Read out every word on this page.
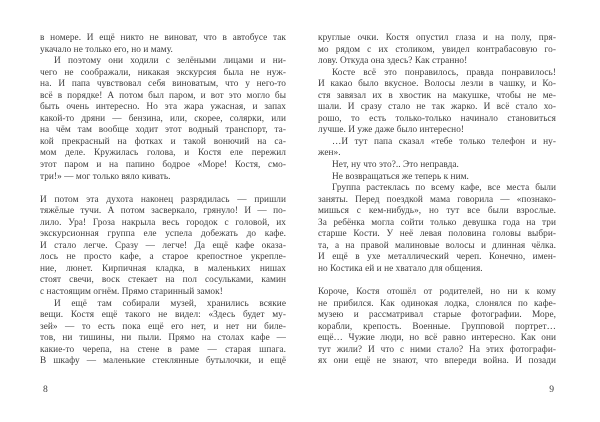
в номере. И ещё никто не виноват, что в автобусе так
укачало не только его, но и маму.
И поэтому они ходили с зелёными лицами и ни-
чего не соображали, никакая экскурсия была не нуж-
на. И папа чувствовал себя виноватым, что у него-то
всё в порядке! А потом был паром, и вот это могло бы
быть очень интересно. Но эта жара ужасная, и запах
какой-то дряни — бензина, или, скорее, солярки, или
на чём там вообще ходит этот водный транспорт, та-
кой прекрасный на фотках и такой вонючий на са-
мом деле. Кружилась голова, и Костя еле пережил
этот паром и на папино бодрое «Море! Костя, смо-
три!» — мог только вяло кивать.
И потом эта духота наконец разрядилась — пришли
тяжёлые тучи. А потом засверкало, грянуло! И — по-
лило. Ура! Гроза накрыла весь городок с головой, их
экскурсионная группа еле успела добежать до кафе.
И стало легче. Сразу — легче! Да ещё кафе оказа-
лось не просто кафе, а старое крепостное укрепле-
ние, люнет. Кирпичная кладка, в маленьких нишах
стоят свечи, воск стекает на пол сосульками, камин
с настоящим огнём. Прямо старинный замок!
И ещё там собирали музей, хранились всякие
вещи. Костя ещё такого не видел: «Здесь будет му-
зей» — то есть пока ещё его нет, и нет ни биле-
тов, ни тишины, ни пыли. Прямо на столах кафе —
какие-то черепа, на стене в раме — старая шпага.
В шкафу — маленькие стеклянные бутылочки, и ещё
8
круглые очки. Костя опустил глаза и на полу, пря-
мо рядом с их столиком, увидел контрабасовую го-
лову. Откуда она здесь? Как странно!
Косте всё это понравилось, правда понравилось!
И какао было вкусное. Волосы лезли в чашку, и Ко-
стя завязал их в хвостик на макушке, чтобы не ме-
шали. И сразу стало не так жарко. И всё стало хо-
рошо, то есть только-только начинало становиться
лучше. И уже даже было интересно!
…И тут папа сказал «тебе только телефон и ну-
жен».
Нет, ну что это?.. Это неправда.
Не возвращаться же теперь к ним.
Группа растеклась по всему кафе, все места были
заняты. Перед поездкой мама говорила — «познако-
мишься с кем-нибудь», но тут все были взрослые.
За ребёнка могла сойти только девушка года на три
старше Кости. У неё левая половина головы выбри-
та, а на правой малиновые волосы и длинная чёлка.
И ещё в ухе металлический череп. Конечно, имен-
но Костика ей и не хватало для общения.
Короче, Костя отошёл от родителей, но ни к кому
не прибился. Как одинокая лодка, слонялся по кафе-
музею и рассматривал старые фотографии. Море,
корабли, крепость. Военные. Групповой портрет…
ещё… Чужие люди, но всё равно интересно. Как они
тут жили? И что с ними стало? На этих фотографи-
ях они ещё не знают, что впереди война. И позади
9
